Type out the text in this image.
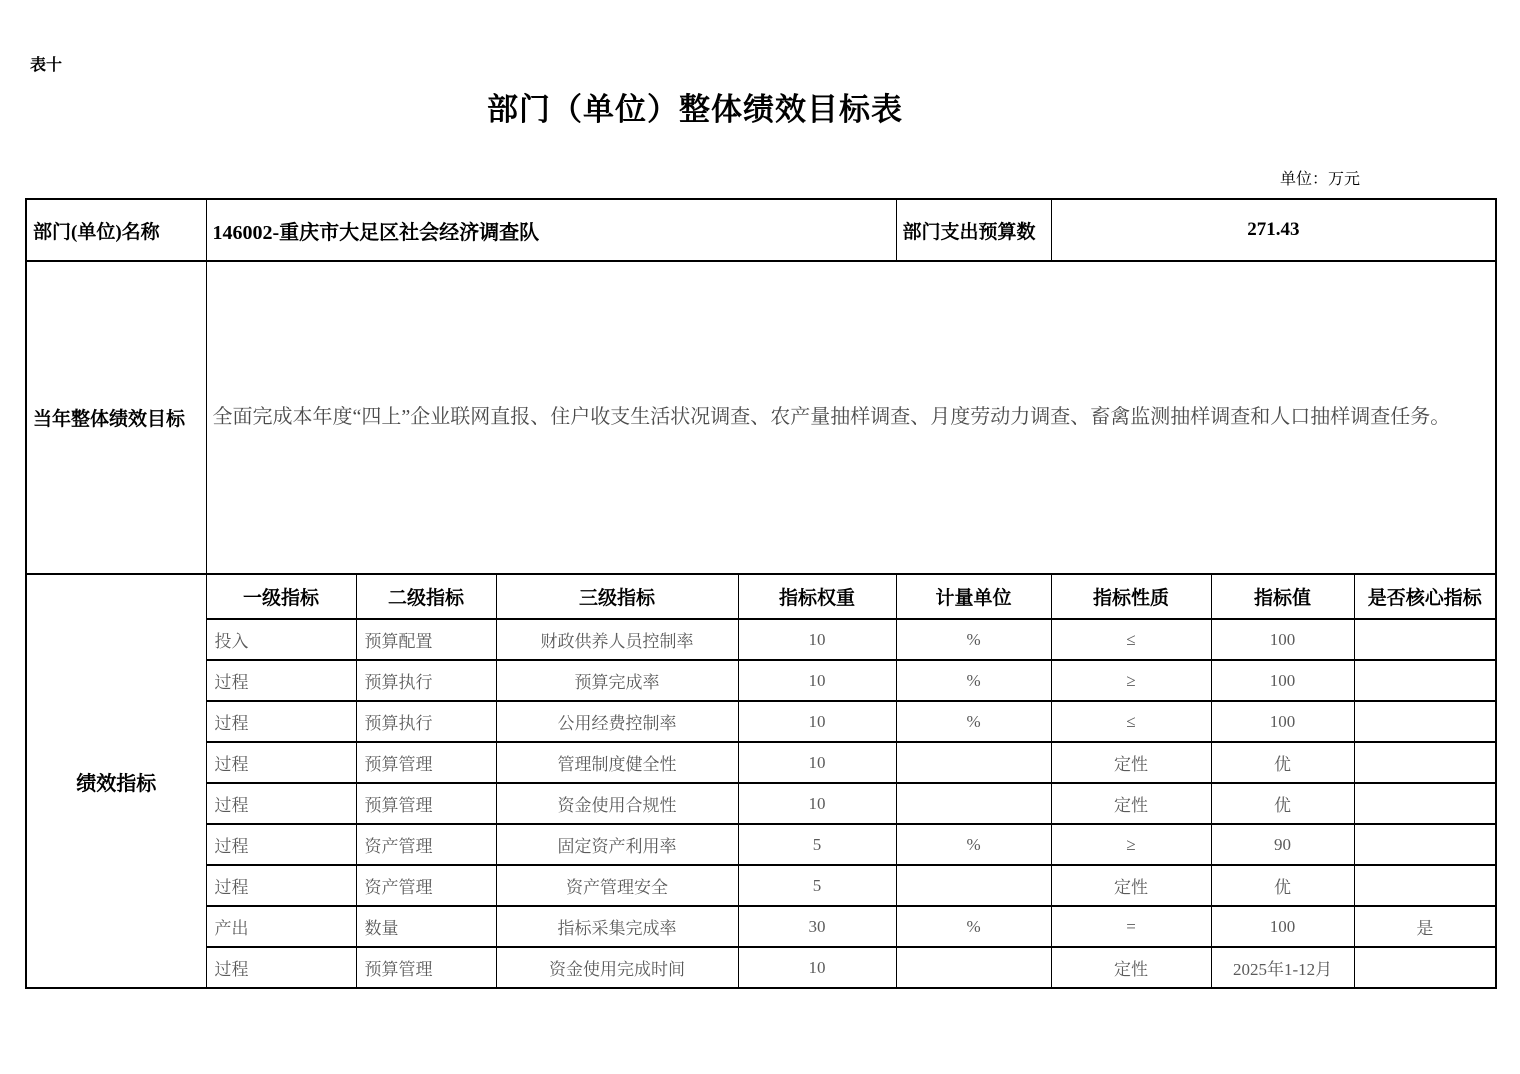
表十
部门（单位）整体绩效目标表
单位：万元
部门(单位)名称	146002-重庆市大足区社会经济调查队				部门支出预算数	271.43		
当年整体绩效目标	全面完成本年度“四上”企业联网直报、住户收支生活状况调查、农产量抽样调查、月度劳动力调查、畜禽监测抽样调查和人口抽样调查任务。							
绩效指标	一级指标	二级指标	三级指标	指标权重	计量单位	指标性质	指标值	是否核心指标
	投入	预算配置	财政供养人员控制率	10	%	≤	100	
	过程	预算执行	预算完成率	10	%	≥	100	
	过程	预算执行	公用经费控制率	10	%	≤	100	
	过程	预算管理	管理制度健全性	10		定性	优	
	过程	预算管理	资金使用合规性	10		定性	优	
	过程	资产管理	固定资产利用率	5	%	≥	90	
	过程	资产管理	资产管理安全	5		定性	优	
	产出	数量	指标采集完成率	30	%	=	100	是
	过程	预算管理	资金使用完成时间	10		定性	2025年1-12月	
